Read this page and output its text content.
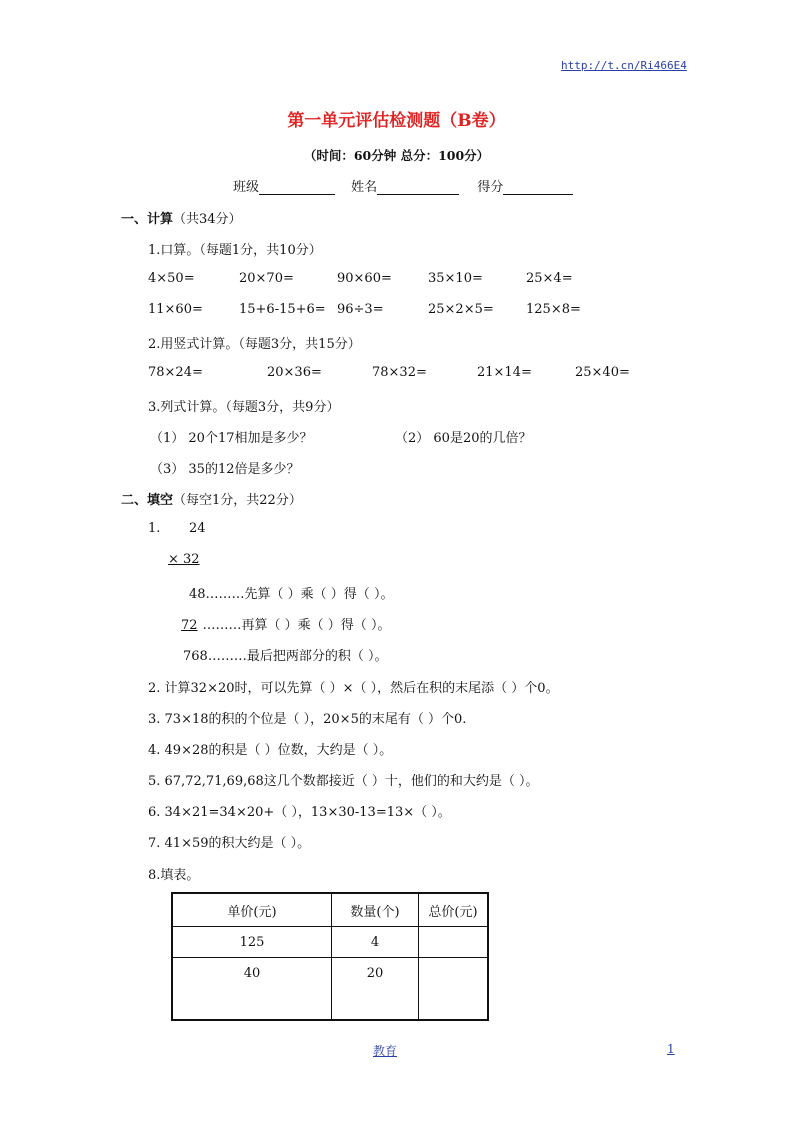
http://t.cn/Ri466E4
第一单元评估检测题（B卷）
（时间：60分钟 总分：100分）
班级	姓名	得分
一、计算（共34分）
1.口算。（每题1分，共10分）
4×50=	20×70=	90×60=	35×10=	25×4=
11×60=	15+6-15+6= 96÷3=	25×2×5= 125×8=
2.用竖式计算。（每题3分，共15分）
78×24=	20×36=	78×32=	21×14=	25×40=
3.列式计算。（每题3分，共9分）
（1） 20个17相加是多少？	（2） 60是20的几倍？
（3） 35的12倍是多少？
二、填空（每空1分，共22分）
1. 24
× 32
48………先算（ ）乘（ ）得（ ）。
72 ………再算（ ）乘（ ）得（ ）。
768………最后把两部分的积（ ）。
2. 计算32×20时，可以先算（ ）×（ ），然后在积的末尾添（ ）个0。
3. 73×18的积的个位是（ ），20×5的末尾有（ ）个0.
4. 49×28的积是（ ）位数，大约是（ ）。
5. 67,72,71,69,68这几个数都接近（ ）十，他们的和大约是（ ）。
6. 34×21=34×20+（ ），13×30-13=13×（ ）。
7. 41×59的积大约是（ ）。
8.填表。
单价(元)	数量(个)	总价(元)
125	4	
40	20	
教育	1
